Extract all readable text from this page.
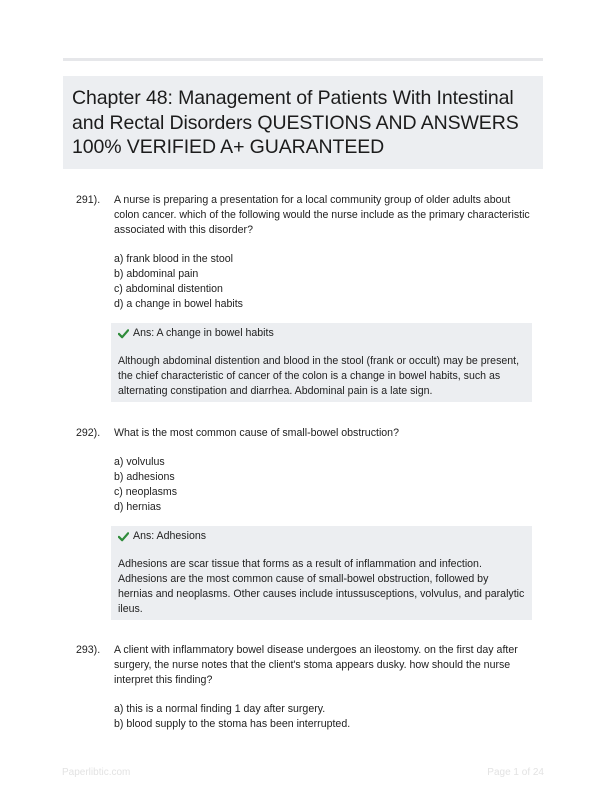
Chapter 48: Management of Patients With Intestinal and Rectal Disorders QUESTIONS AND ANSWERS 100% VERIFIED A+ GUARANTEED
291).	A nurse is preparing a presentation for a local community group of older adults about colon cancer. which of the following would the nurse include as the primary characteristic associated with this disorder?

a) frank blood in the stool
b) abdominal pain
c) abdominal distention
d) a change in bowel habits
Ans: A change in bowel habits

Although abdominal distention and blood in the stool (frank or occult) may be present, the chief characteristic of cancer of the colon is a change in bowel habits, such as alternating constipation and diarrhea. Abdominal pain is a late sign.

292).	What is the most common cause of small-bowel obstruction?

a) volvulus
b) adhesions
c) neoplasms
d) hernias
Ans: Adhesions

Adhesions are scar tissue that forms as a result of inflammation and infection. Adhesions are the most common cause of small-bowel obstruction, followed by hernias and neoplasms. Other causes include intussusceptions, volvulus, and paralytic ileus.

293).	A client with inflammatory bowel disease undergoes an ileostomy. on the first day after surgery, the nurse notes that the client's stoma appears dusky. how should the nurse interpret this finding?

a) this is a normal finding 1 day after surgery.
b) blood supply to the stoma has been interrupted.
Paperlibtic.com	Page 1 of 24
